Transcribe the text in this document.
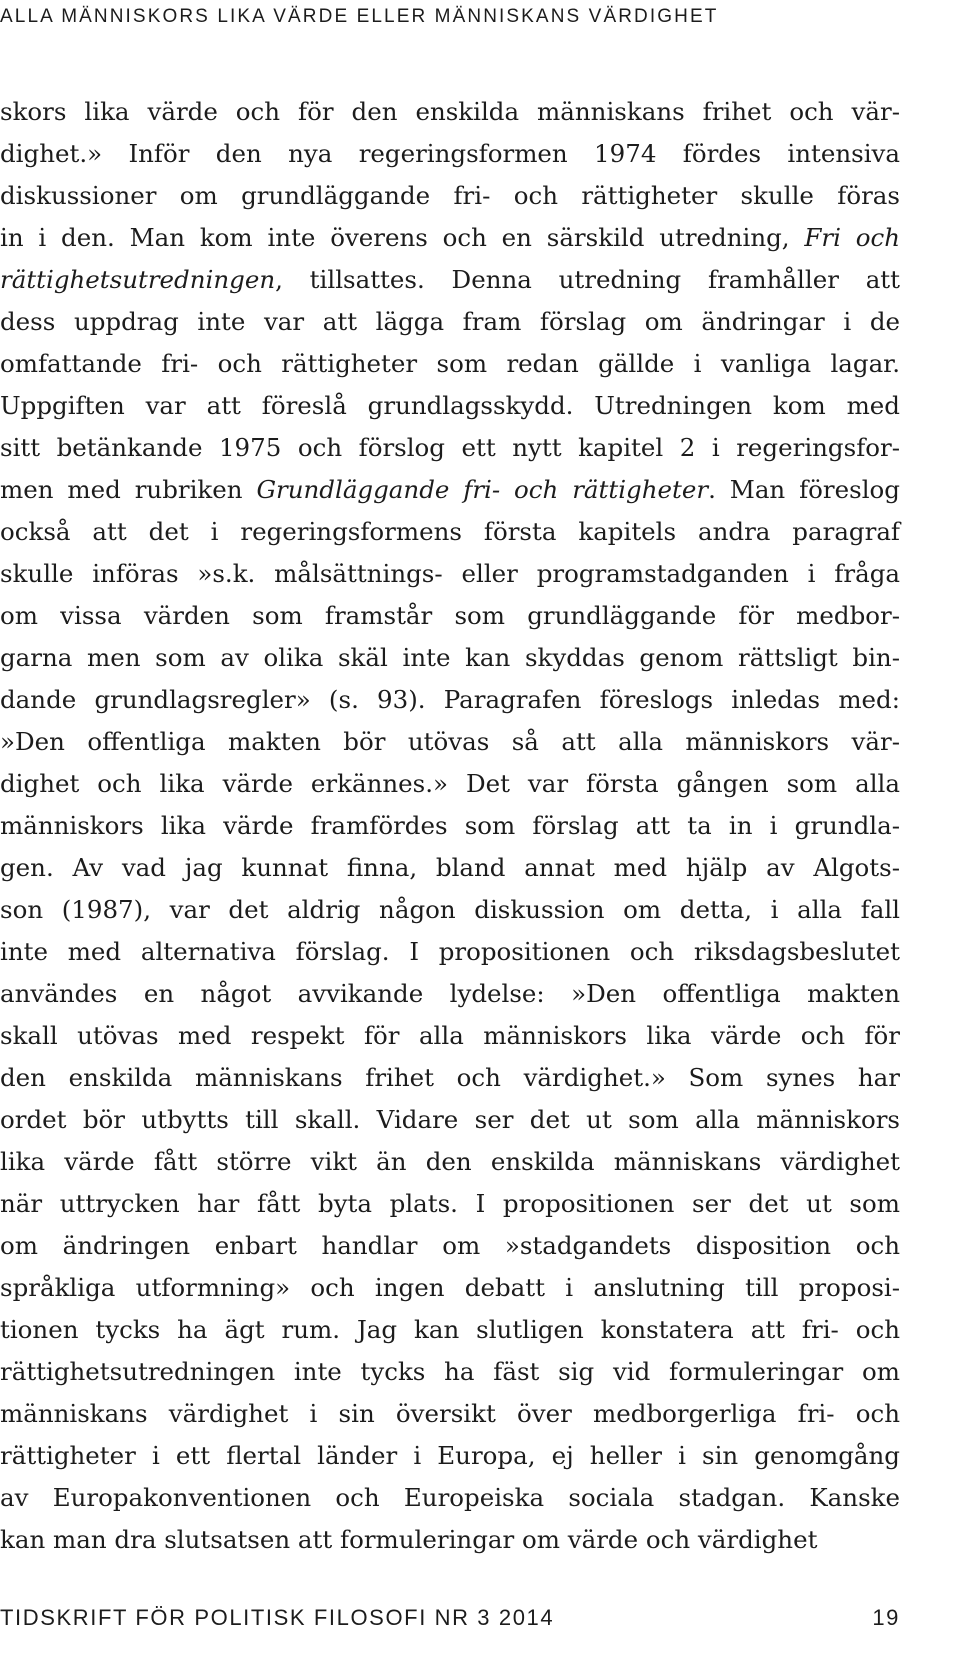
ALLA MÄNNISKORS LIKA VÄRDE ELLER MÄNNISKANS VÄRDIGHET
skors lika värde och för den enskilda människans frihet och vär-
dighet.» Inför den nya regeringsformen 1974 fördes intensiva
diskussioner om grundläggande fri- och rättigheter skulle föras
in i den. Man kom inte överens och en särskild utredning, Fri och
rättighetsutredningen, tillsattes. Denna utredning framhåller att
dess uppdrag inte var att lägga fram förslag om ändringar i de
omfattande fri- och rättigheter som redan gällde i vanliga lagar.
Uppgiften var att föreslå grundlagsskydd. Utredningen kom med
sitt betänkande 1975 och förslog ett nytt kapitel 2 i regeringsfor-
men med rubriken Grundläggande fri- och rättigheter. Man föreslog
också att det i regeringsformens första kapitels andra paragraf
skulle införas »s.k. målsättnings- eller programstadganden i fråga
om vissa värden som framstår som grundläggande för medbor-
garna men som av olika skäl inte kan skyddas genom rättsligt bin-
dande grundlagsregler» (s. 93). Paragrafen föreslogs inledas med:
»Den offentliga makten bör utövas så att alla människors vär-
dighet och lika värde erkännes.» Det var första gången som alla
människors lika värde framfördes som förslag att ta in i grundla-
gen. Av vad jag kunnat finna, bland annat med hjälp av Algots-
son (1987), var det aldrig någon diskussion om detta, i alla fall
inte med alternativa förslag. I propositionen och riksdagsbeslutet
användes en något avvikande lydelse: »Den offentliga makten
skall utövas med respekt för alla människors lika värde och för
den enskilda människans frihet och värdighet.» Som synes har
ordet bör utbytts till skall. Vidare ser det ut som alla människors
lika värde fått större vikt än den enskilda människans värdighet
när uttrycken har fått byta plats. I propositionen ser det ut som
om ändringen enbart handlar om »stadgandets disposition och
språkliga utformning» och ingen debatt i anslutning till proposi-
tionen tycks ha ägt rum. Jag kan slutligen konstatera att fri- och
rättighetsutredningen inte tycks ha fäst sig vid formuleringar om
människans värdighet i sin översikt över medborgerliga fri- och
rättigheter i ett flertal länder i Europa, ej heller i sin genomgång
av Europakonventionen och Europeiska sociala stadgan. Kanske
kan man dra slutsatsen att formuleringar om värde och värdighet
TIDSKRIFT FÖR POLITISK FILOSOFI NR 3 2014	19
